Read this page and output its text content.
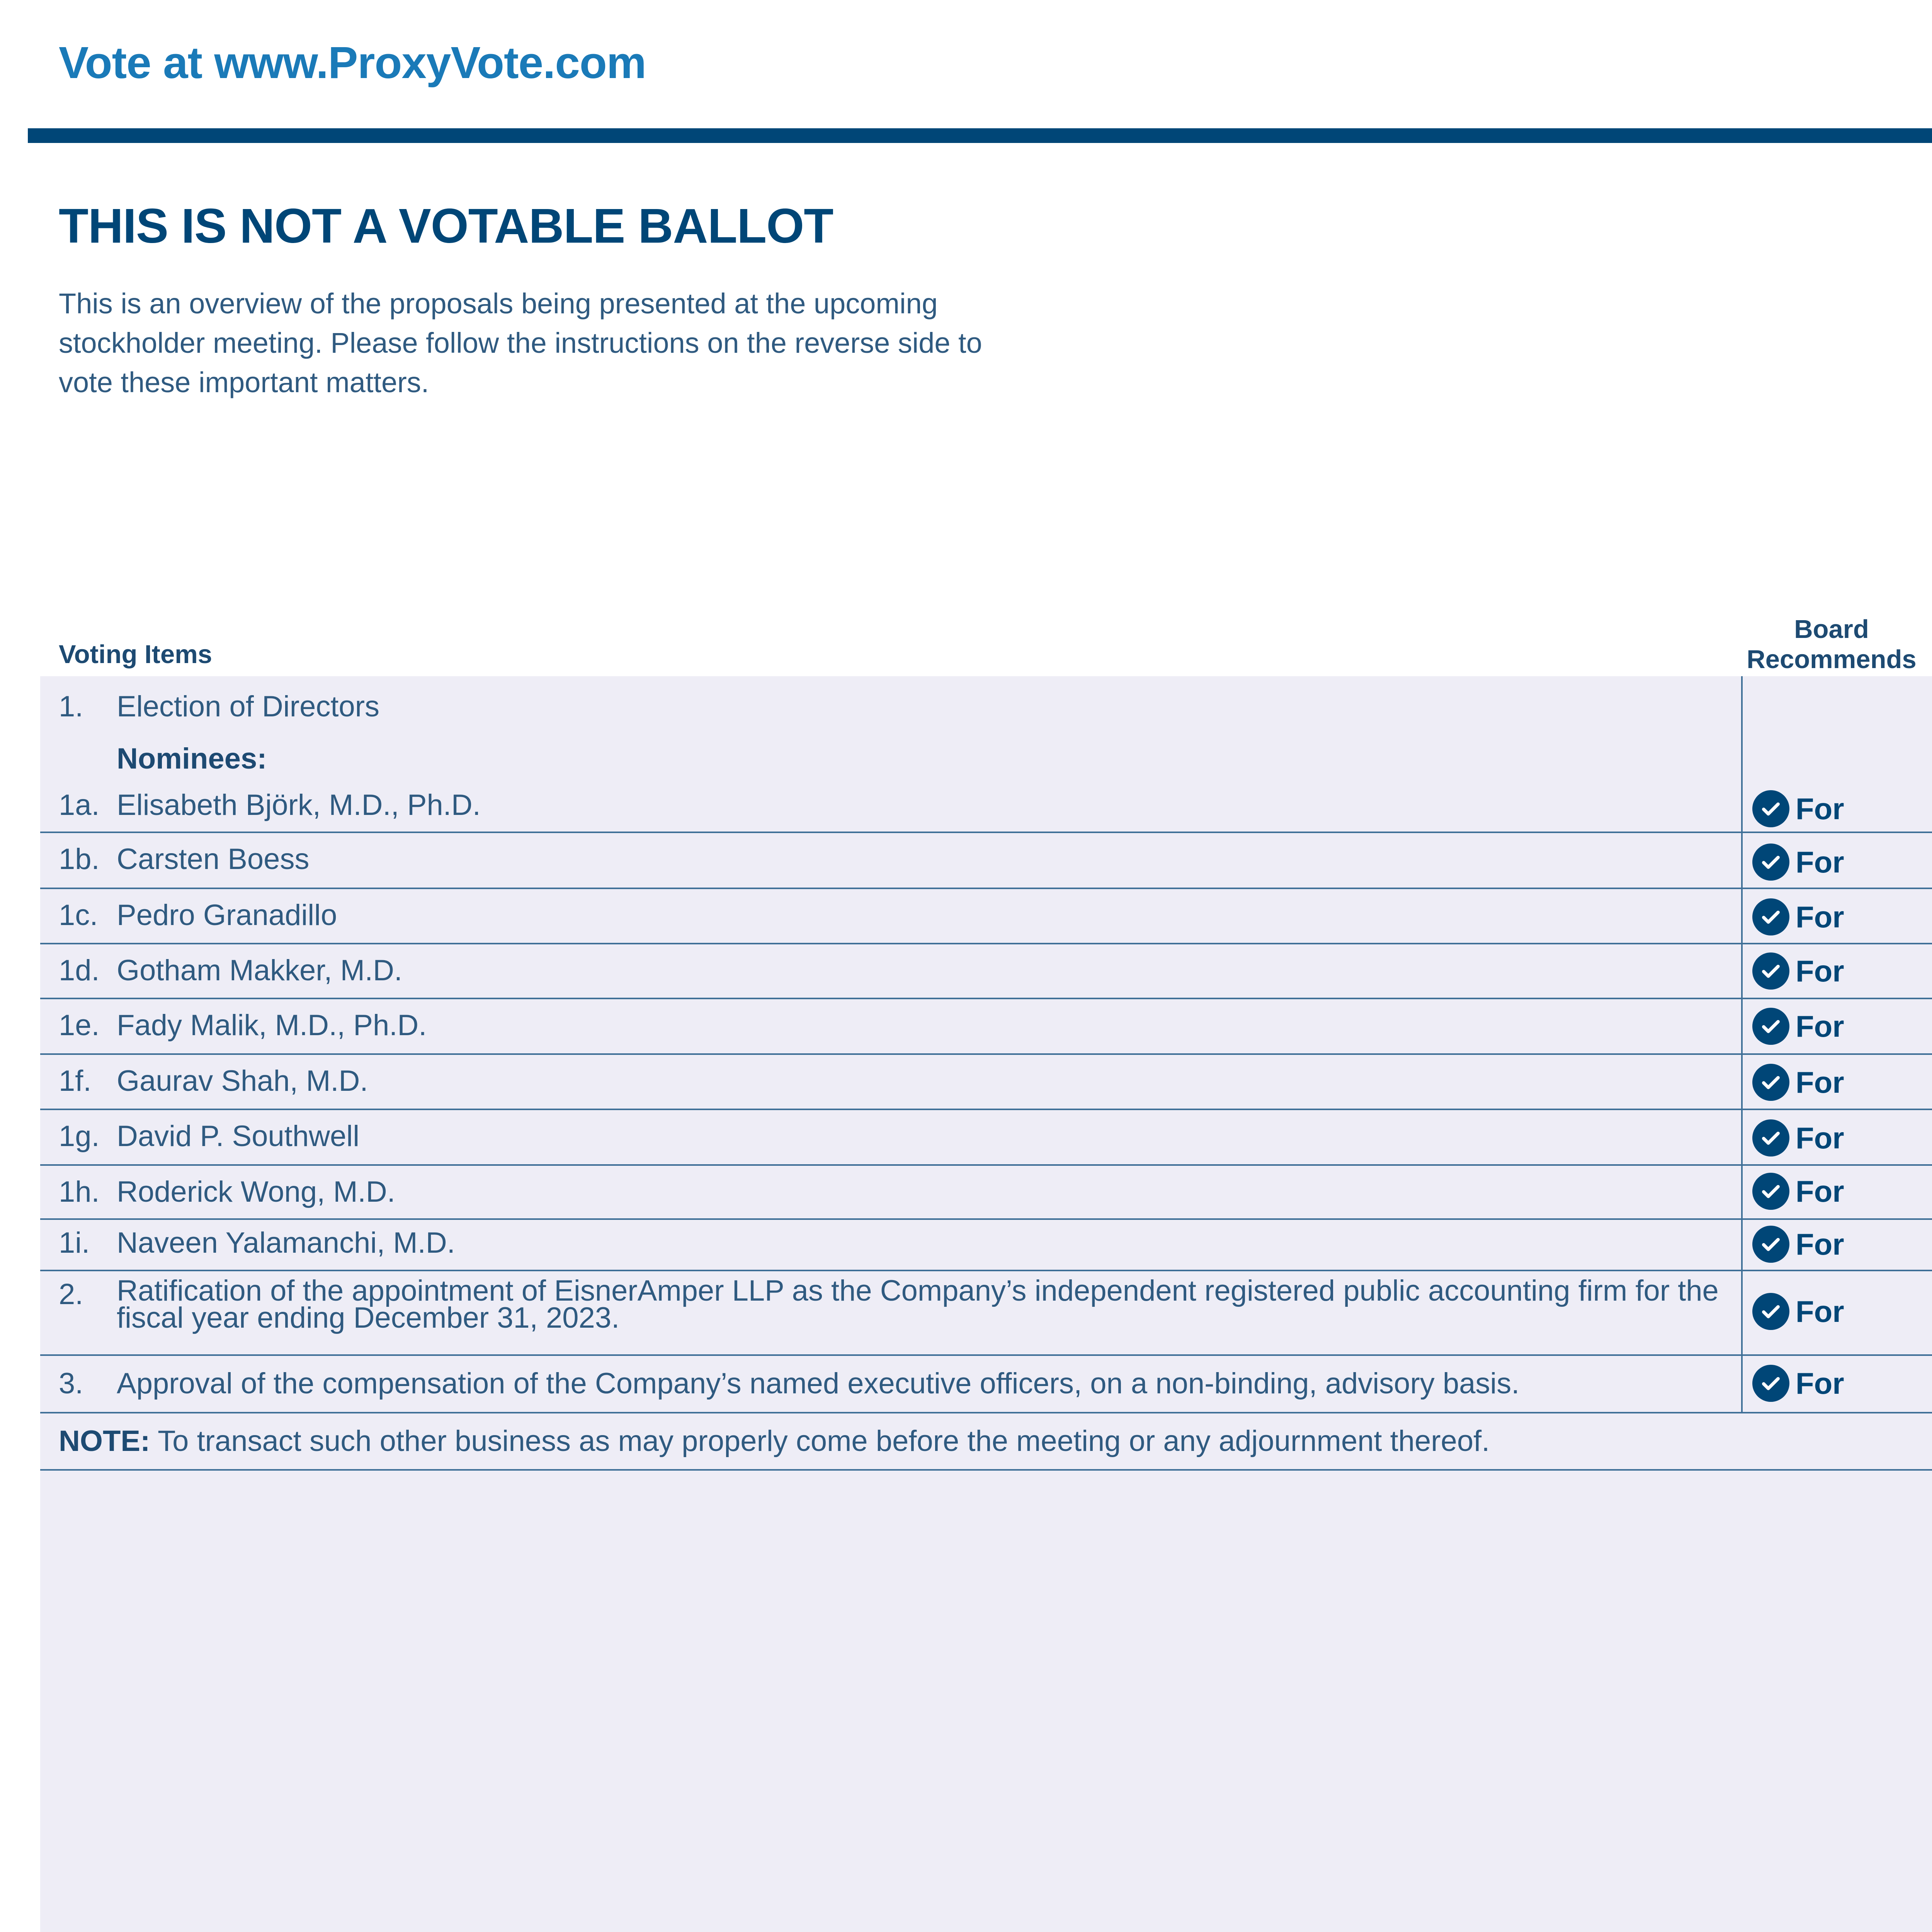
Vote at www.ProxyVote.com
THIS IS NOT A VOTABLE BALLOT
This is an overview of the proposals being presented at the upcoming stockholder meeting. Please follow the instructions on the reverse side to vote these important matters.
Voting Items
Board
Recommends
1. Election of Directors
Nominees:
1a. Elisabeth Björk, M.D., Ph.D.	For
1b. Carsten Boess	For
1c. Pedro Granadillo	For
1d. Gotham Makker, M.D.	For
1e. Fady Malik, M.D., Ph.D.	For
1f. Gaurav Shah, M.D.	For
1g. David P. Southwell	For
1h. Roderick Wong, M.D.	For
1i. Naveen Yalamanchi, M.D.	For
2. Ratification of the appointment of EisnerAmper LLP as the Company’s independent registered public accounting firm for the fiscal year ending December 31, 2023.	For
3. Approval of the compensation of the Company’s named executive officers, on a non-binding, advisory basis.	For
NOTE: To transact such other business as may properly come before the meeting or any adjournment thereof.
